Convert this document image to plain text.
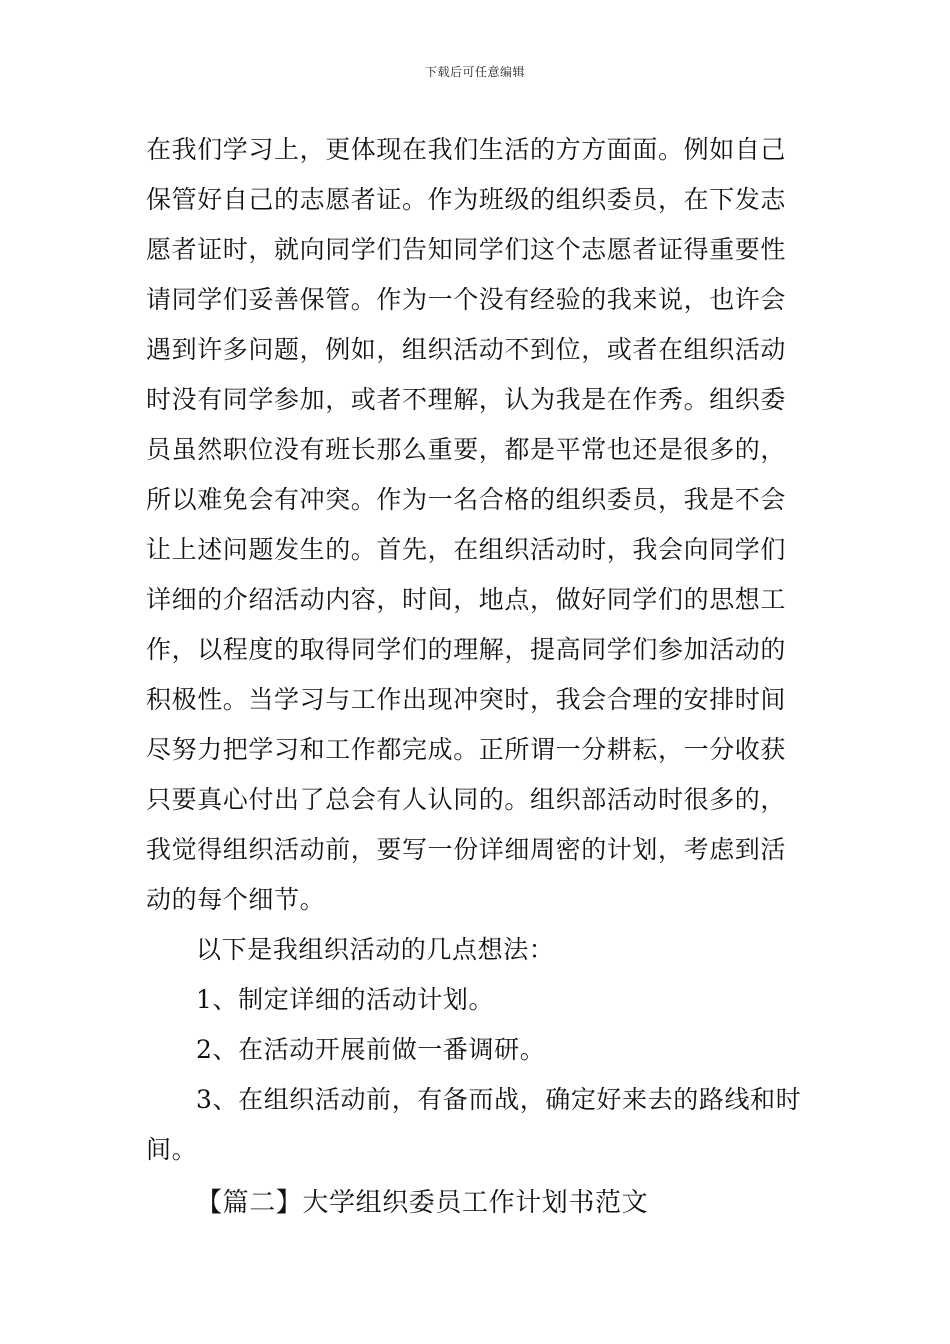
下载后可任意编辑
在我们学习上，更体现在我们生活的方方面面。例如自己
保管好自己的志愿者证。作为班级的组织委员，在下发志
愿者证时，就向同学们告知同学们这个志愿者证得重要性
请同学们妥善保管。作为一个没有经验的我来说，也许会
遇到许多问题，例如，组织活动不到位，或者在组织活动
时没有同学参加，或者不理解，认为我是在作秀。组织委
员虽然职位没有班长那么重要，都是平常也还是很多的，
所以难免会有冲突。作为一名合格的组织委员，我是不会
让上述问题发生的。首先，在组织活动时，我会向同学们
详细的介绍活动内容，时间，地点，做好同学们的思想工
作，以程度的取得同学们的理解，提高同学们参加活动的
积极性。当学习与工作出现冲突时，我会合理的安排时间
尽努力把学习和工作都完成。正所谓一分耕耘，一分收获
只要真心付出了总会有人认同的。组织部活动时很多的，
我觉得组织活动前，要写一份详细周密的计划，考虑到活
动的每个细节。
以下是我组织活动的几点想法：
1、制定详细的活动计划。
2、在活动开展前做一番调研。
3、在组织活动前，有备而战，确定好来去的路线和时
间。
【篇二】大学组织委员工作计划书范文
